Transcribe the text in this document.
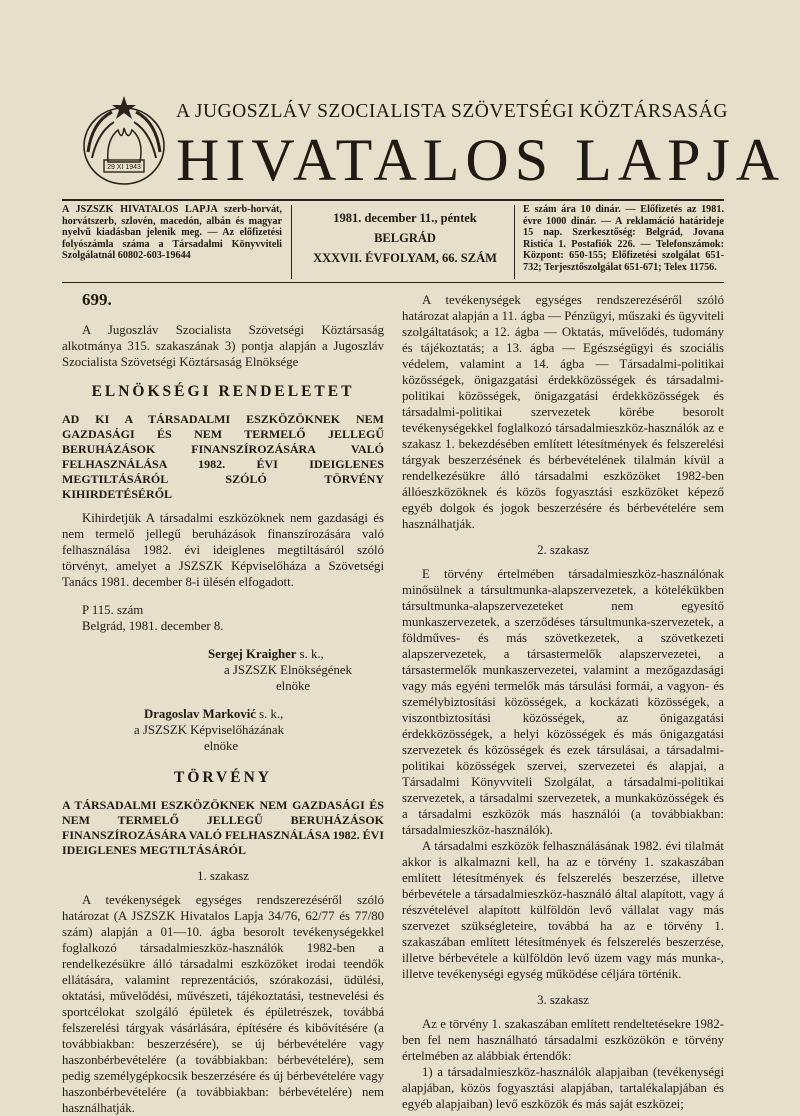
29 XI 1943
A JUGOSZLÁV SZOCIALISTA SZÖVETSÉGI KÖZTÁRSASÁG
HIVATALOS LAPJA
A JSZSZK HIVATALOS LAPJA szerb-horvát, horvátszerb, szlovén, macedón, albán és magyar nyelvű kiadásban jelenik meg. — Az előfizetési folyószámla száma a Társadalmi Könyvviteli Szolgálatnál 60802-603-19644
1981. december 11., péntek
BELGRÁD
XXXVII. ÉVFOLYAM, 66. SZÁM
E szám ára 10 dinár. — Előfizetés az 1981. évre 1000 dinár. — A reklamáció határideje 15 nap. Szerkesztőség: Belgrád, Jovana Ristića 1. Postafiók 226. — Telefonszámok: Központ: 650-155; Előfizetési szolgálat 651-732; Terjesztőszolgálat 651-671; Telex 11756.
699.

A Jugoszláv Szocialista Szövetségi Köztársaság alkotmánya 315. szakaszának 3) pontja alapján a Jugoszláv Szocialista Szövetségi Köztársaság Elnöksége

ELNÖKSÉGI RENDELETET
AD KI A TÁRSADALMI ESZKÖZÖKNEK NEM GAZDASÁGI ÉS NEM TERMELŐ JELLEGŰ BERUHÁZÁSOK FINANSZÍROZÁSÁRA VALÓ FELHASZNÁLÁSA 1982. ÉVI IDEIGLENES MEGTILTÁSÁRÓL SZÓLÓ TÖRVÉNY KIHIRDETÉSÉRŐL

Kihirdetjük A társadalmi eszközöknek nem gazdasági és nem termelő jellegű beruházások finanszírozására való felhasználása 1982. évi ideiglenes megtiltásáról szóló törvényt, amelyet a JSZSZK Képviselőháza a Szövetségi Tanács 1981. december 8-i ülésén elfogadott.

P 115. szám
Belgrád, 1981. december 8.
Sergej Kraigher s. k.,
a JSZSZK Elnökségének
elnöke
Dragoslav Marković s. k.,
a JSZSZK Képviselőházának
elnöke
TÖRVÉNY
A TÁRSADALMI ESZKÖZÖKNEK NEM GAZDASÁGI ÉS NEM TERMELŐ JELLEGŰ BERUHÁZÁSOK FINANSZÍROZÁSÁRA VALÓ FELHASZNÁLÁSA 1982. ÉVI IDEIGLENES MEGTILTÁSÁRÓL
1. szakasz

A tevékenységek egységes rendszerezéséről szóló határozat (A JSZSZK Hivatalos Lapja 34/76, 62/77 és 77/80 szám) alapján a 01—10. ágba besorolt tevékenységekkel foglalkozó társadalmieszköz-használók 1982-ben a rendelkezésükre álló társadalmi eszközöket irodai teendők ellátására, valamint reprezentációs, szórakozási, üdülési, oktatási, művelődési, művészeti, tájékoztatási, testnevelési és sportcélokat szolgáló épületek és épületrészek, továbbá felszerelési tárgyak vásárlására, építésére és kibővítésére (a továbbiakban: beszerzésére), se új bérbevételére vagy haszonbérbevételére (a továbbiakban: bérbevételére), sem pedig személygépkocsik beszerzésére és új bérbevételére vagy haszonbérbevételére (a továbbiakban: bérbevételére) nem használhatják.

A tevékenységek egységes rendszerezéséről szóló határozat alapján a 11. ágba — Pénzügyi, műszaki és ügyviteli szolgáltatások; a 12. ágba — Oktatás, művelődés, tudomány és tájékoztatás; a 13. ágba — Egészségügyi és szociális védelem, valamint a 14. ágba — Társadalmi-politikai közösségek, önigazgatási érdekközösségek és társadalmi-politikai közösségek, önigazgatási érdekközösségek és társadalmi-politikai szervezetek körébe besorolt tevékenységekkel foglalkozó társadalmieszköz-használók az e szakasz 1. bekezdésében említett létesítmények és felszerelési tárgyak beszerzésének és bérbevételének tilalmán kívül a rendelkezésükre álló társadalmi eszközöket 1982-ben állóeszközöknek és közös fogyasztási eszközöket képező egyéb dolgok és jogok beszerzésére és bérbevételére sem használhatják.

2. szakasz

E törvény értelmében társadalmieszköz-használónak minősülnek a társultmunka-alapszervezetek, a kötelékükben társultmunka-alapszervezeteket nem egyesítő munkaszervezetek, a szerződéses társultmunka-szervezetek, a földműves- és más szövetkezetek, a szövetkezeti alapszervezetek, a társastermelők alapszervezetei, a társastermelők munkaszervezetei, valamint a mezőgazdasági vagy más egyéni termelők más társulási formái, a vagyon- és személybiztosítási közösségek, a kockázati közösségek, a viszontbiztosítási közösségek, az önigazgatási érdekközösségek, a helyi közösségek és más önigazgatási szervezetek és közösségek és ezek társulásai, a társadalmi-politikai közösségek szervei, szervezetei és alapjai, a Társadalmi Könyvviteli Szolgálat, a társadalmi-politikai szervezetek, a társadalmi szervezetek, a munkaközösségek és a társadalmi eszközök más használói (a továbbiakban: társadalmieszköz-használók).

A társadalmi eszközök felhasználásának 1982. évi tilalmát akkor is alkalmazni kell, ha az e törvény 1. szakaszában említett létesítmények és felszerelés beszerzése, illetve bérbevétele a társadalmieszköz-használó által alapított, vagy á részvételével alapított külföldön levő vállalat vagy más szervezet szükségleteire, továbbá ha az e törvény 1. szakaszában említett létesítmények és felszerelés beszerzése, illetve bérbevétele a külföldön levő üzem vagy más munka-, illetve tevékenységi egység működése céljára történik.

3. szakasz

Az e törvény 1. szakaszában említett rendeltetésekre 1982-ben fel nem használható társadalmi eszközökön e törvény értelmében az alábbiak értendők:

1) a társadalmieszköz-használók alapjaiban (tevékenységi alapjában, közös fogyasztási alapjában, tartalékalapjában és egyéb alapjaiban) levő eszközök és más saját eszközei;
